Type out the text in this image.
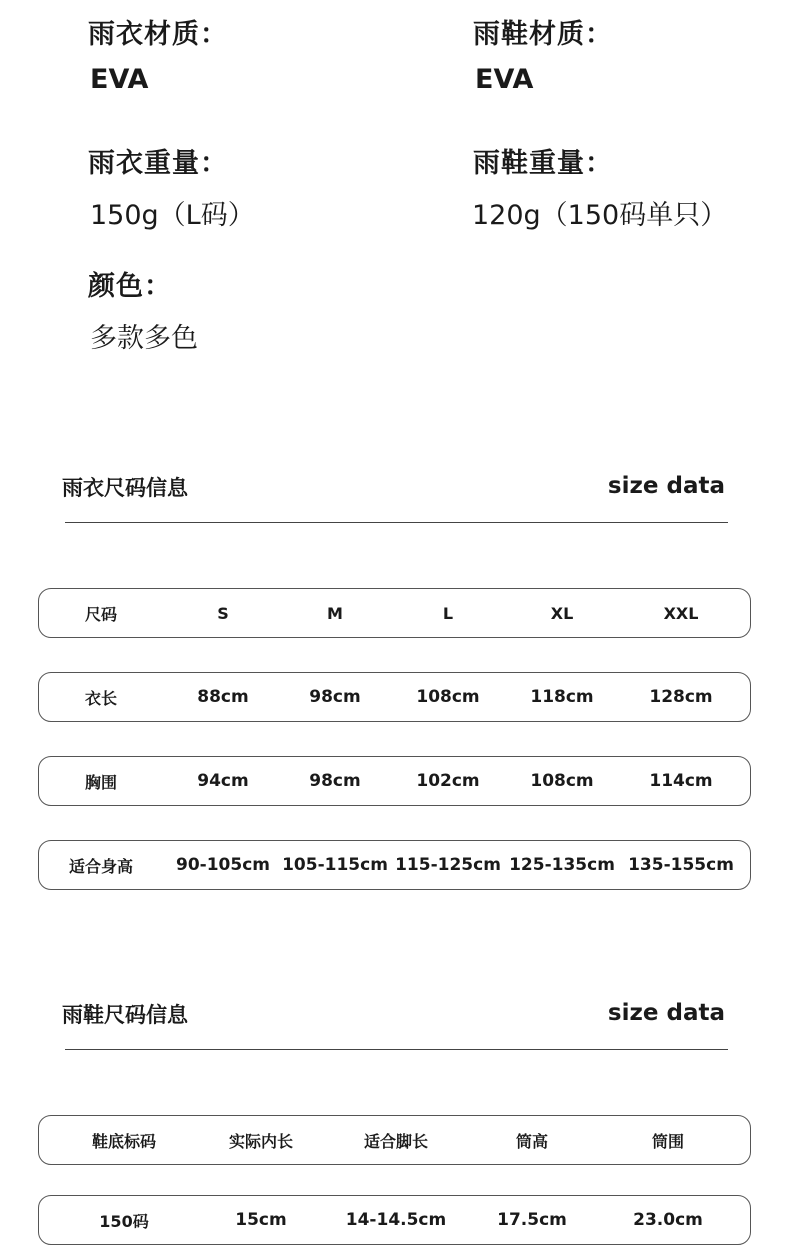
雨衣材质：
EVA
雨鞋材质：
EVA
雨衣重量：
150g（L码）
雨鞋重量：
120g（150码单只）
颜色：
多款多色
雨衣尺码信息	size data
尺码	S	M	L	XL	XXL
衣长	88cm	98cm	108cm	118cm	128cm
胸围	94cm	98cm	102cm	108cm	114cm
适合身高	90-105cm 105-115cm 115-125cm 125-135cm 135-155cm
雨鞋尺码信息	size data
鞋底标码	实际内长	适合脚长	筒高	筒围
150码	15cm	14-14.5cm	17.5cm	23.0cm
